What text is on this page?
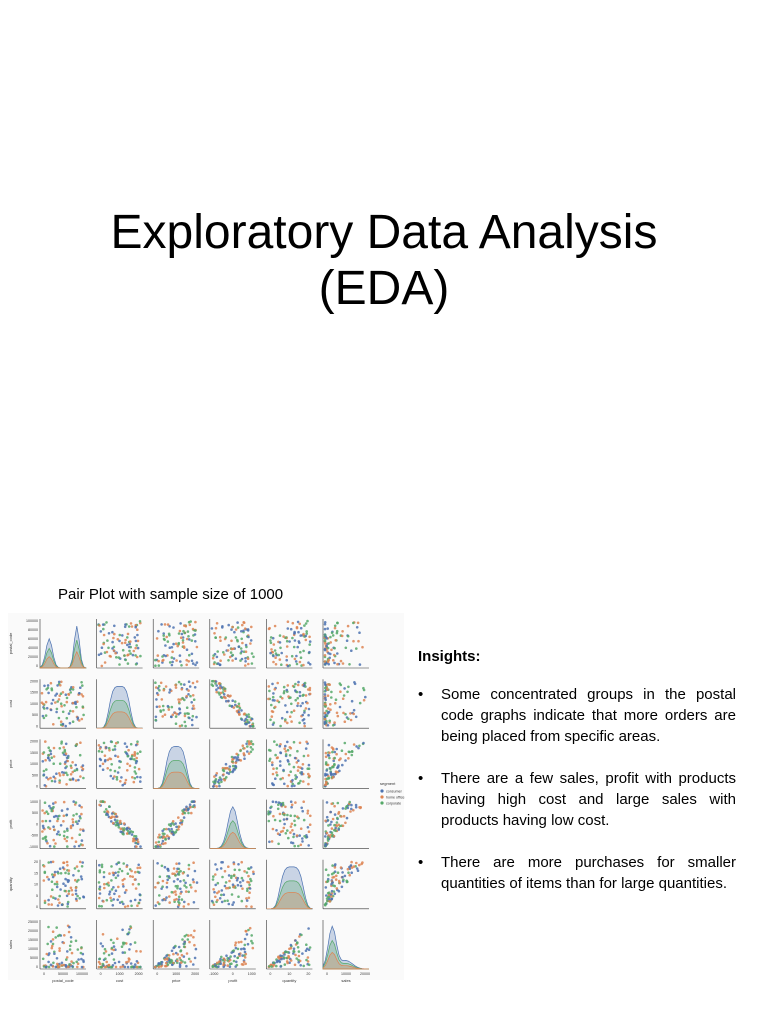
Exploratory Data Analysis
(EDA)
Pair Plot with sample size of 1000
postal_code
100000
80000
60000
40000
20000
0
cost
2000
1500
1000
500
0
price
2000
1500
1000
500
0
profit
1000
500
0
-500
-1000
quantity
20
15
10
5
0
sales
25000
20000
15000
10000
5000
0
postal_code
0	50000 100000
cost
0	1000	2000
price
0	1000	2000
profit
-1000	0	1000
quantity
0	10	20
sales
0	10000	20000
segment
consumer
home office
corporate
Insights:
• Some concentrated groups in the postal code graphs indicate that more orders are being placed from specific areas.
• There are a few sales, profit with products having high cost and large sales with products having low cost.
• There are more purchases for smaller quantities of items than for large quantities.
